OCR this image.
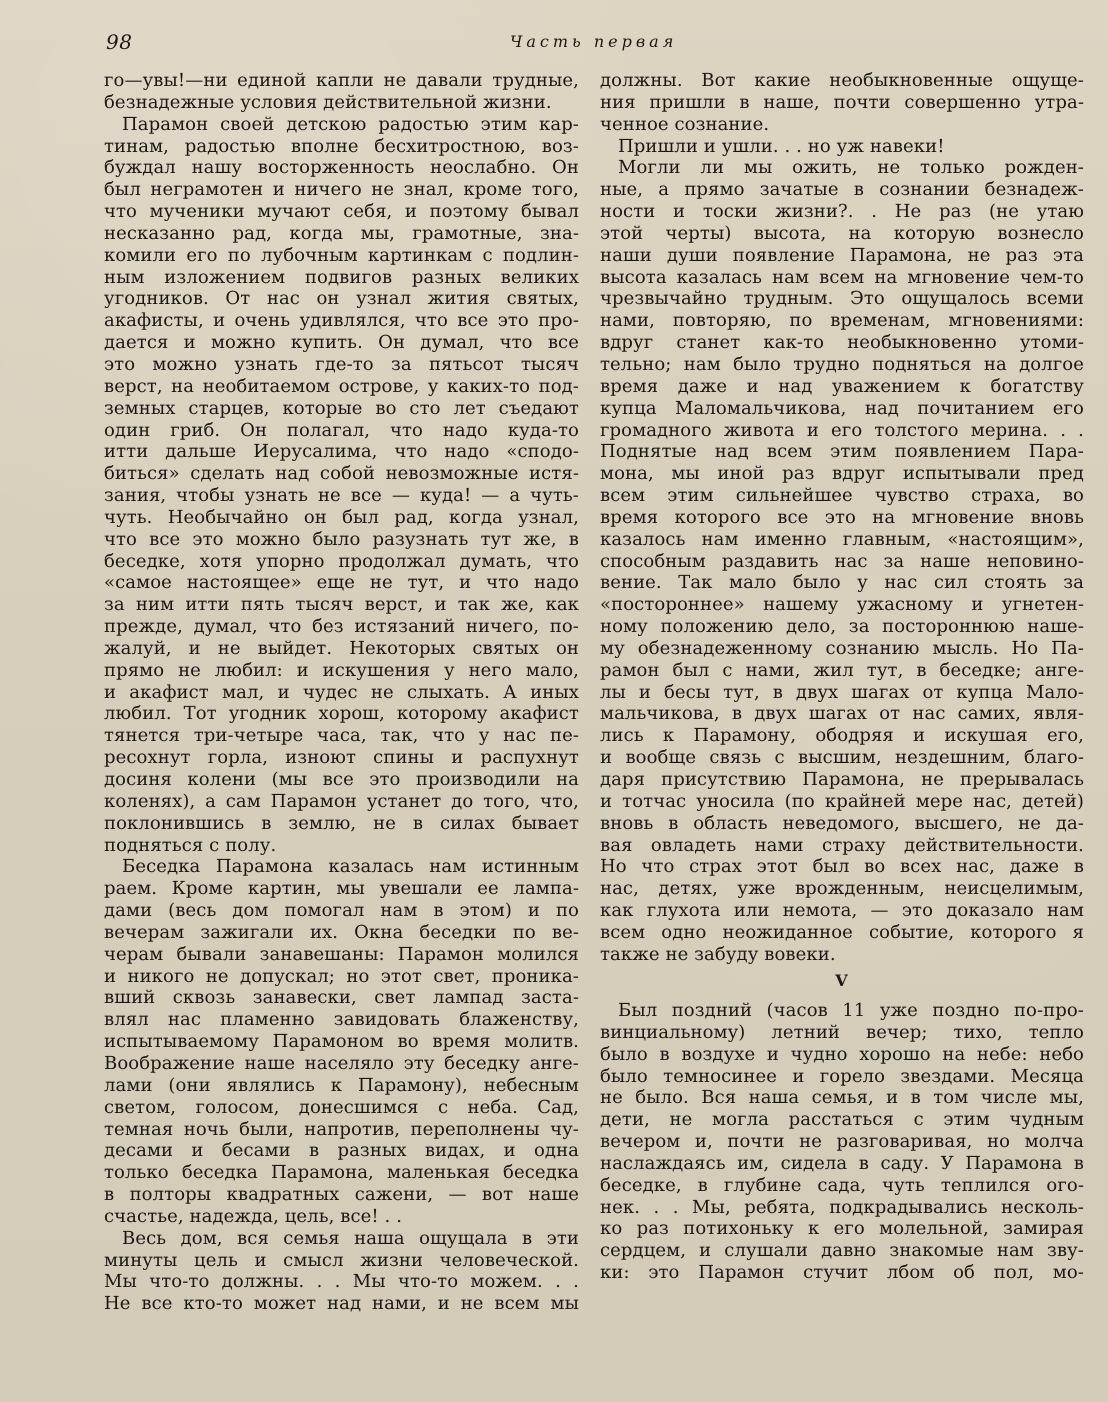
98	Часть первая
го—увы!—ни единой капли не давали трудные,
безнадежные условия действительной жизни.
Парамон своей детскою радостью этим кар-
тинам, радостью вполне бесхитростною, воз-
буждал нашу восторженность неослабно. Он
был неграмотен и ничего не знал, кроме того,
что мученики мучают себя, и поэтому бывал
несказанно рад, когда мы, грамотные, зна-
комили его по лубочным картинкам с подлин-
ным изложением подвигов разных великих
угодников. От нас он узнал жития святых,
акафисты, и очень удивлялся, что все это про-
дается и можно купить. Он думал, что все
это можно узнать где-то за пятьсот тысяч
верст, на необитаемом острове, у каких-то под-
земных старцев, которые во сто лет съедают
один гриб. Он полагал, что надо куда-то
итти дальше Иерусалима, что надо «сподо-
биться» сделать над собой невозможные истя-
зания, чтобы узнать не все — куда! — а чуть-
чуть. Необычайно он был рад, когда узнал,
что все это можно было разузнать тут же, в
беседке, хотя упорно продолжал думать, что
«самое настоящее» еще не тут, и что надо
за ним итти пять тысяч верст, и так же, как
прежде, думал, что без истязаний ничего, по-
жалуй, и не выйдет. Некоторых святых он
прямо не любил: и искушения у него мало,
и акафист мал, и чудес не слыхать. А иных
любил. Тот угодник хорош, которому акафист
тянется три-четыре часа, так, что у нас пе-
ресохнут горла, изноют спины и распухнут
досиня колени (мы все это производили на
коленях), а сам Парамон устанет до того, что,
поклонившись в землю, не в силах бывает
подняться с полу.
Беседка Парамона казалась нам истинным
раем. Кроме картин, мы увешали ее лампа-
дами (весь дом помогал нам в этом) и по
вечерам зажигали их. Окна беседки по ве-
черам бывали занавешаны: Парамон молился
и никого не допускал; но этот свет, проника-
вший сквозь занавески, свет лампад заста-
влял нас пламенно завидовать блаженству,
испытываемому Парамоном во время молитв.
Воображение наше населяло эту беседку анге-
лами (они являлись к Парамону), небесным
светом, голосом, донесшимся с неба. Сад,
темная ночь были, напротив, переполнены чу-
десами и бесами в разных видах, и одна
только беседка Парамона, маленькая беседка
в полторы квадратных сажени, — вот наше
счастье, надежда, цель, все! . .
Весь дом, вся семья наша ощущала в эти
минуты цель и смысл жизни человеческой.
Мы что-то должны. . . Мы что-то можем. . .
Не все кто-то может над нами, и не всем мы
должны. Вот какие необыкновенные ощуще-
ния пришли в наше, почти совершенно утра-
ченное сознание.
Пришли и ушли. . . но уж навеки!
Могли ли мы ожить, не только рожден-
ные, а прямо зачатые в сознании безнадеж-
ности и тоски жизни?. . Не раз (не утаю
этой черты) высота, на которую вознесло
наши души появление Парамона, не раз эта
высота казалась нам всем на мгновение чем-то
чрезвычайно трудным. Это ощущалось всеми
нами, повторяю, по временам, мгновениями:
вдруг станет как-то необыкновенно утоми-
тельно; нам было трудно подняться на долгое
время даже и над уважением к богатству
купца Маломальчикова, над почитанием его
громадного живота и его толстого мерина. . .
Поднятые над всем этим появлением Пара-
мона, мы иной раз вдруг испытывали пред
всем этим сильнейшее чувство страха, во
время которого все это на мгновение вновь
казалось нам именно главным, «настоящим»,
способным раздавить нас за наше неповино-
вение. Так мало было у нас сил стоять за
«постороннее» нашему ужасному и угнетен-
ному положению дело, за постороннюю наше-
му обезнадеженному сознанию мысль. Но Па-
рамон был с нами, жил тут, в беседке; анге-
лы и бесы тут, в двух шагах от купца Мало-
мальчикова, в двух шагах от нас самих, явля-
лись к Парамону, ободряя и искушая его,
и вообще связь с высшим, нездешним, благо-
даря присутствию Парамона, не прерывалась
и тотчас уносила (по крайней мере нас, детей)
вновь в область неведомого, высшего, не да-
вая овладеть нами страху действительности.
Но что страх этот был во всех нас, даже в
нас, детях, уже врожденным, неисцелимым,
как глухота или немота, — это доказало нам
всем одно неожиданное событие, которого я
также не забуду вовеки.
V
Был поздний (часов 11 уже поздно по-про-
винциальному) летний вечер; тихо, тепло
было в воздухе и чудно хорошо на небе: небо
было темносинее и горело звездами. Месяца
не было. Вся наша семья, и в том числе мы,
дети, не могла расстаться с этим чудным
вечером и, почти не разговаривая, но молча
наслаждаясь им, сидела в саду. У Парамона в
беседке, в глубине сада, чуть теплился ого-
нек. . . Мы, ребята, подкрадывались несколь-
ко раз потихоньку к его молельной, замирая
сердцем, и слушали давно знакомые нам зву-
ки: это Парамон стучит лбом об пол, мо-
